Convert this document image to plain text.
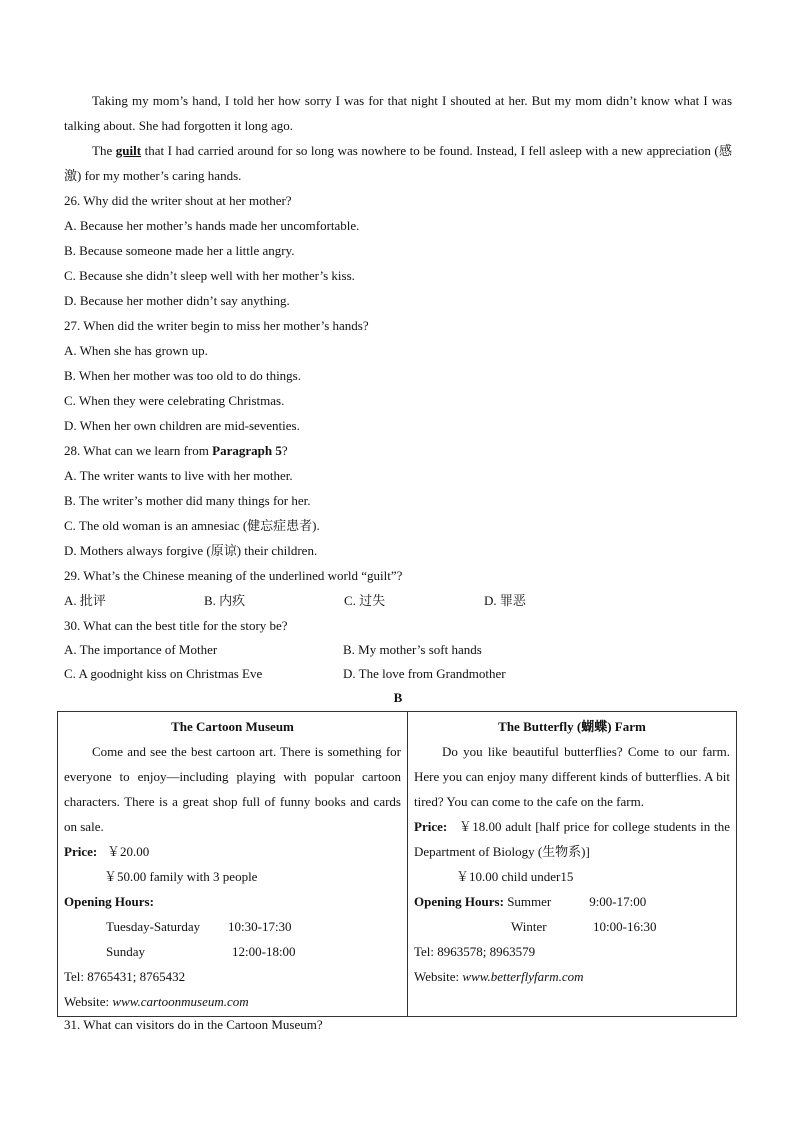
Taking my mom’s hand, I told her how sorry I was for that night I shouted at her. But my mom didn’t know what I was talking about. She had forgotten it long ago.

The guilt that I had carried around for so long was nowhere to be found. Instead, I fell asleep with a new appreciation (感激) for my mother’s caring hands.

26. Why did the writer shout at her mother?

A. Because her mother’s hands made her uncomfortable.

B. Because someone made her a little angry.

C. Because she didn’t sleep well with her mother’s kiss.

D. Because her mother didn’t say anything.

27. When did the writer begin to miss her mother’s hands?

A. When she has grown up.

B. When her mother was too old to do things.

C. When they were celebrating Christmas.

D. When her own children are mid-seventies.

28. What can we learn from Paragraph 5?

A. The writer wants to live with her mother.

B. The writer’s mother did many things for her.

C. The old woman is an amnesiac (健忘症患者).

D. Mothers always forgive (原谅) their children.

29. What’s the Chinese meaning of the underlined world “guilt”?

A. 批评	B. 内疚	C. 过失	D. 罪恶

30. What can the best title for the story be?

A. The importance of Mother	B. My mother’s soft hands
C. A goodnight kiss on Christmas Eve	D. The love from Grandmother
B
The Cartoon Museum
Come and see the best cartoon art. There is something for everyone to enjoy—including playing with popular cartoon characters. There is a great shop full of funny books and cards on sale.
Price: ￥20.00
￥50.00 family with 3 people
Opening Hours:
Tuesday-Saturday 10:30-17:30
Sunday	12:00-18:00
Tel: 8765431; 8765432
Website: www.cartoonmuseum.com

The Butterfly (蝴蝶) Farm
Do you like beautiful butterflies? Come to our farm. Here you can enjoy many different kinds of butterflies. A bit tired? You can come to the cafe on the farm.
Price: ￥18.00 adult [half price for college students in the Department of Biology (生物系)]
￥10.00 child under15
Opening Hours: Summer	9:00-17:00
Winter	10:00-16:30
Tel: 8963578; 8963579
Website: www.betterflyfarm.com
31. What can visitors do in the Cartoon Museum?
